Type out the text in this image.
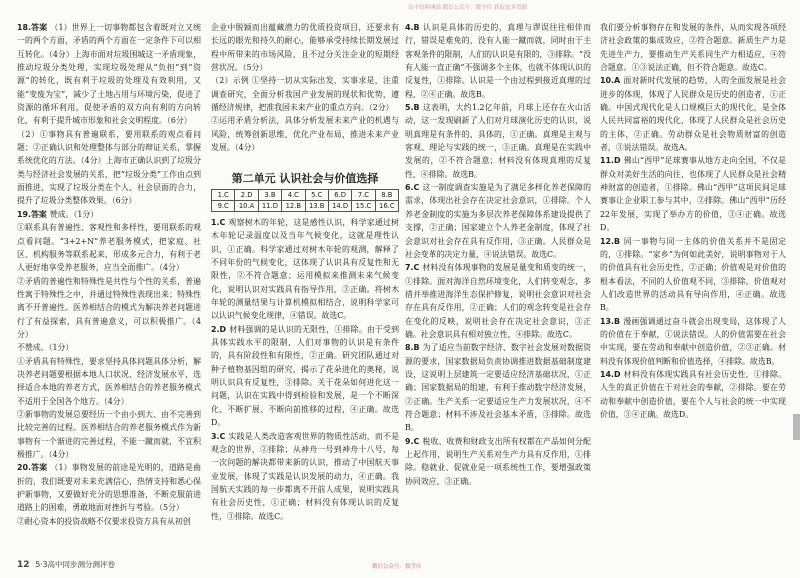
高中资料网站 微信公众号：数学库 获取更多资源

18.答案 （1）世界上一切事物都包含着既对立又统一的两个方面，矛盾的两个方面在一定条件下可以相互转化。（4分）上海市面对垃圾围城这一矛盾现象，推动垃圾分类处理，实现垃圾处理从“负担”到“资源”的转化，既有利于垃圾的处理及有效利用，又能“变废为宝”，减少了土地占用与环境污染，促进了资源的循环利用，促使矛盾的双方向有利的方向转化，有利于提升城市形象和社会文明程度。（6分）

（2）①事物具有普遍联系，要用联系的观点看问题；②正确认识和处理整体与部分的辩证关系，掌握系统优化的方法。（4分）上海市正确认识到了垃圾分类与经济社会发展的关系，把“垃圾分类”工作由点到面推进，实现了垃圾分类在个人、社会层面的合力，提升了垃圾分类整体效果。（6分）

19.答案 赞成。（1分）

①联系具有普遍性、客观性和多样性，要用联系的观点看问题。“3+2+N”养老服务模式，把家庭、社区、机构服务等联系起来，形成多元合力，有利于老人更好地享受养老服务，应当全面推广。（4分）

②矛盾的普遍性和特殊性是共性与个性的关系，普遍性寓于特殊性之中，并通过特殊性表现出来；特殊性离不开普遍性。医养相结合的模式为解决养老问题进行了有益探索，具有普遍意义，可以积极推广。（4分）

不赞成。（1分）

①矛盾具有特殊性，要求坚持具体问题具体分析，解决养老问题要根据本地人口状况、经济发展水平，选择适合本地的养老方式，医养相结合的养老服务模式不适用于全国各个地方。（4分）

②新事物的发展总要经历一个由小到大、由不完善到比较完善的过程。医养相结合的养老服务模式作为新事物有一个渐进的完善过程，不能一蹴而就，不宜积极推广。（4分）

20.答案 （1）事物发展的前途是光明的，道路是曲折的，我们既要对未来充满信心，热情支持和悉心保护新事物，又要做好充分的思想准备，不断克服前进道路上的困难，勇敢地面对挫折与考验。（5分）

②耐心资本的投资战略不仅要求投资方具有从初创

企业中脱颖而出蕴藏潜力的优质投资项目，还要求有长远的眼光和持久的耐心，能够承受持续长期发展过程中所带来的市场风险，且不过分关注企业的短期经营状况。（5分）

（2）示例 ①坚持一切从实际出发，实事求是，注重调查研究，全面分析我国产业发展的现状和优势，遵循经济规律，把准我国未来产业的重点方向。（2分）

②运用矛盾分析法，具体分析发展未来产业的机遇与风险，统筹创新思维，优化产业布局，推进未来产业发展。（4分）

第二单元 认识社会与价值选择
1.C	2.D	3.B	4.C	5.C	6.D	7.C	8.B
9.C	10.A	11.D	12.B	13.B	14.D	15.C	16.C

1.C 观察树木的年轮，这是感性认识，科学家通过树木年轮记录温度以及当年气候变化，这就是理性认识，①正确。科学家通过对树木年轮的观测，解释了不同年份的气候变化，这体现了认识具有反复性和无限性，②不符合题意；运用模拟来推测未来气候变化，说明认识对实践具有指导作用，③正确。将树木年轮的测量结果与计算机模拟相结合，说明科学家可以认识气候变化规律，④错误。故选C。

2.D 材料强调的是认识的无限性，①排除。由于受到具体实践水平的限制，人们对事物的认识是有条件的，具有阶段性和有限性，②正确。研究团队通过对种子植物基因组的研究，揭示了花朵进化的奥秘，说明认识具有反复性，③排除。关于花朵如何进化这一问题，认识在实践中得到检验和发展，是一个不断深化、不断扩展、不断向前推移的过程，④正确。故选D。

3.C 实践是人类改造客观世界的物质性活动，而不是观念的世界，②排除；从神舟一号到神舟十八号，每一次问题的解决都带来新的认识，推动了中国航天事业发展，体现了实践是认识发展的动力，④正确。我国航天实践的每一步都离不开前人成果，说明实践具有社会历史性，①正确；材料没有体现认识的反复性，③排除。故选C。

4.B 认识是具体的历史的，真理与谬误往往相伴而行，错误是难免的，没有人能一蹴而就，同时由于主客观条件的限制，人们的认识是有限的，③排除。“没有人能一直正确”不强调多个主体，也就不体现认识的反复性，①排除。认识是一个由过程到接近真理的过程，②④正确。故选B。

5.B 这表明，大约1.2亿年前，月球上还存在火山活动，这一发现刷新了人们对月球演化历史的认识，说明真理是有条件的、具体的，①正确。真理是主观与客观、理论与实践的统一，③正确。真理是在实践中发展的，②不符合题意；材料没有体现真理的反复性，④排除。故选B。

6.C 这一制度调查实施是为了满足多样化养老保障的需求，体现出社会存在决定社会意识，①排除。个人养老金制度的实施为多层次养老保障体系建设提供了支撑，②正确；国家建立个人养老金制度，体现了社会意识对社会存在具有反作用，③正确。人民群众是社会变革的决定力量，④说法错误。故选C。

7.C 材料没有体现事物的发展是量变和质变的统一，①排除。面对海洋自然环境变化，人们转变观念，多措并举推进海洋生态保护修复，说明社会意识对社会存在具有反作用，②正确；人们的观念转变是社会存在变化的反映，说明社会存在决定社会意识，③正确。社会意识具有相对独立性，④排除。故选C。

8.B 为了适应当前数字经济、数字社会发展对数据资源的要求，国家数据局负责协调推进数据基础制度建设，这说明上层建筑一定要适应经济基础状况，①正确；国家数据局的组建，有利于推动数字经济发展，②正确。生产关系一定要适应生产力发展状况，④不符合题意；材料不涉及社会基本矛盾，③排除。故选B。

9.C 税收、收费和财政支出所有权都在产品如何分配上起作用，说明生产关系对生产力具有反作用，①排除。稳就业、促就业是一项系统性工作，要增强政策协同效应，③正确。

我们要分析事物存在和发展的条件，从而实现各项经济社会政策的集成效应，②符合题意。新质生产力是先进生产力，要推动生产关系同生产力相适应，④符合题意。①③说法正确，但不符合题意。故选C。

10.A 面对新时代发展的趋势，人的全面发展是社会进步的体现，体现了人民群众是历史的创造者，①正确。中国式现代化是人口规模巨大的现代化，是全体人民共同富裕的现代化，体现了人民群众是社会历史的主体，②正确。劳动群众是社会物质财富的创造者，③说法错误。故选A。

11.D 佛山“西甲”足球赛事从地方走向全国，不仅是群众对美好生活的向往，也体现了人民群众是社会精神财富的创造者，①排除。佛山“西甲”这项民间足球赛事让企业职工参与其中，②排除。佛山“西甲”历经22年发展，实现了举办方的价值，③④正确。故选D。

12.B 同一事物与同一主体的价值关系并不是固定的，①排除。“家乡”为何如此美好，说明事物对于人的价值具有社会历史性，②正确；价值观是对价值的根本看法，不同的人价值观不同，③排除。价值观对人们改造世界的活动具有导向作用，④正确。故选B。

13.B 漫画强调通过奋斗就会出现变局，这体现了人的价值在于奉献，①说法错误。人的价值需要在社会中实现，要在劳动和奉献中创造价值，②③正确。材料没有体现价值判断和价值选择，④排除。故选B。

14.D 材料没有体现实践具有社会历史性，①排除。人生的真正价值在于对社会的奉献，②排除。要在劳动和奉献中创造价值，要在个人与社会的统一中实现价值，③④正确。故选D。

12 5·3高中同步测分测评卷	微信公众号：数学库
